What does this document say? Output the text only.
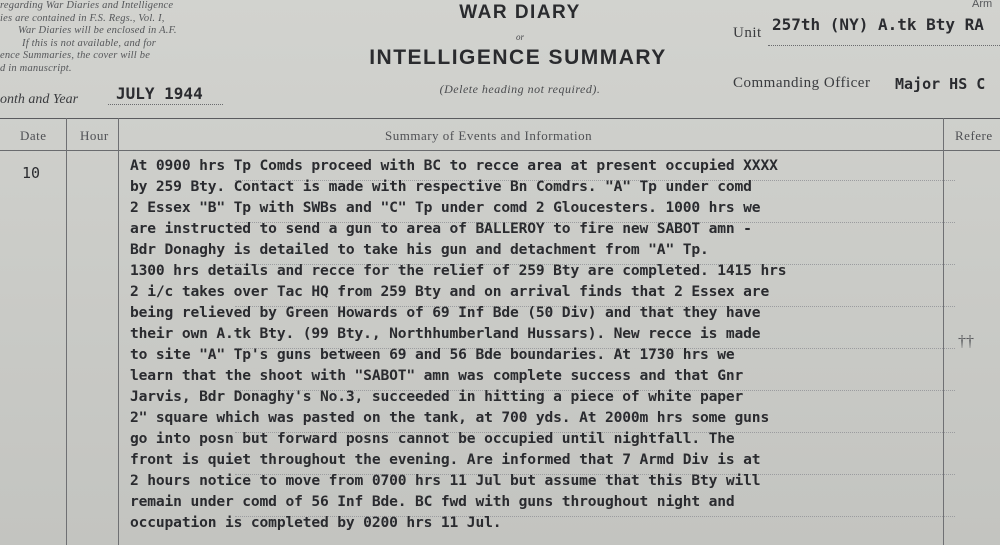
regarding War Diaries and Intelligence
ies are contained in F.S. Regs., Vol. I,
War Diaries will be enclosed in A.F.
If this is not available, and for
ence Summaries, the cover will be
d in manuscript.
WAR DIARY
or
INTELLIGENCE SUMMARY
(Delete heading not required).
Arm
Unit 257th (NY) A.tk Bty RA
Commanding Officer Major HS C
onth and Year JULY 1944
Date	Hour	Summary of Events and Information	Refere
10	At 0900 hrs Tp Comds proceed with BC to recce area at present occupied XXXX
by 259 Bty. Contact is made with respective Bn Comdrs. "A" Tp under comd
2 Essex "B" Tp with SWBs and "C" Tp under comd 2 Gloucesters. 1000 hrs we
are instructed to send a gun to area of BALLEROY to fire new SABOT amn -
Bdr Donaghy is detailed to take his gun and detachment from "A" Tp.
1300 hrs details and recce for the relief of 259 Bty are completed. 1415 hrs
2 i/c takes over Tac HQ from 259 Bty and on arrival finds that 2 Essex are
being relieved by Green Howards of 69 Inf Bde (50 Div) and that they have
their own A.tk Bty. (99 Bty., Northhumberland Hussars). New recce is made
to site "A" Tp's guns between 69 and 56 Bde boundaries. At 1730 hrs we
learn that the shoot with "SABOT" amn was complete success and that Gnr
Jarvis, Bdr Donaghy's No.3, succeeded in hitting a piece of white paper
2" square which was pasted on the tank, at 700 yds. At 2000m hrs some guns
go into posn but forward posns cannot be occupied until nightfall. The
front is quiet throughout the evening. Are informed that 7 Armd Div is at
2 hours notice to move from 0700 hrs 11 Jul but assume that this Bty will
remain under comd of 56 Inf Bde. BC fwd with guns throughout night and
occupation is completed by 0200 hrs 11 Jul.
††
